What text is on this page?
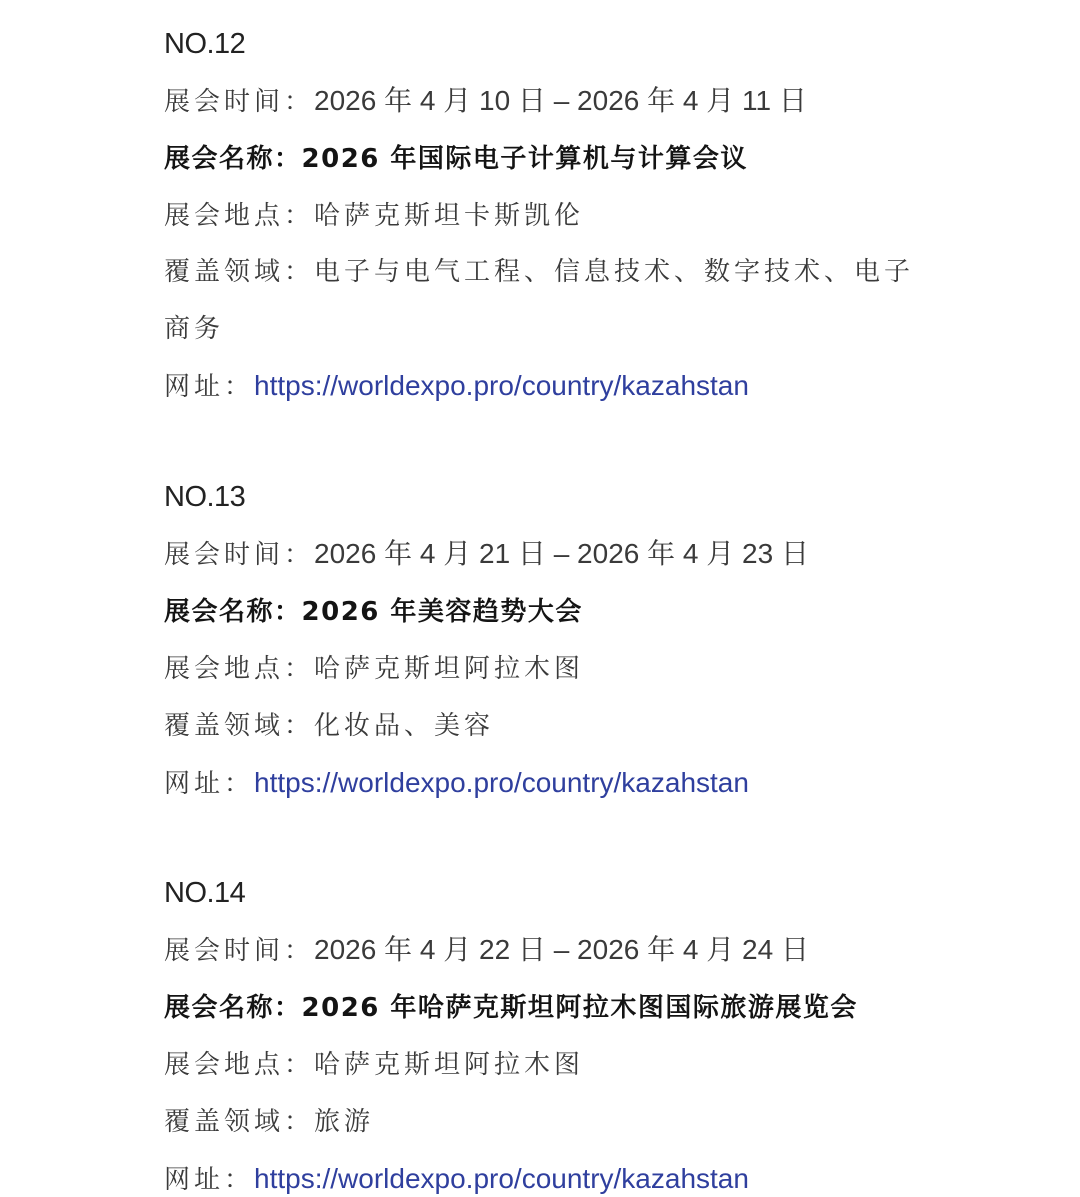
NO.12
展会时间：2026 年 4 月 10 日 – 2026 年 4 月 11 日
展会名称：2026 年国际电子计算机与计算会议
展会地点：哈萨克斯坦卡斯凯伦
覆盖领域：电子与电气工程、信息技术、数字技术、电子商务
网址：https://worldexpo.pro/country/kazahstan
NO.13
展会时间：2026 年 4 月 21 日 – 2026 年 4 月 23 日
展会名称：2026 年美容趋势大会
展会地点：哈萨克斯坦阿拉木图
覆盖领域：化妆品、美容
网址：https://worldexpo.pro/country/kazahstan
NO.14
展会时间：2026 年 4 月 22 日 – 2026 年 4 月 24 日
展会名称：2026 年哈萨克斯坦阿拉木图国际旅游展览会
展会地点：哈萨克斯坦阿拉木图
覆盖领域：旅游
网址：https://worldexpo.pro/country/kazahstan
